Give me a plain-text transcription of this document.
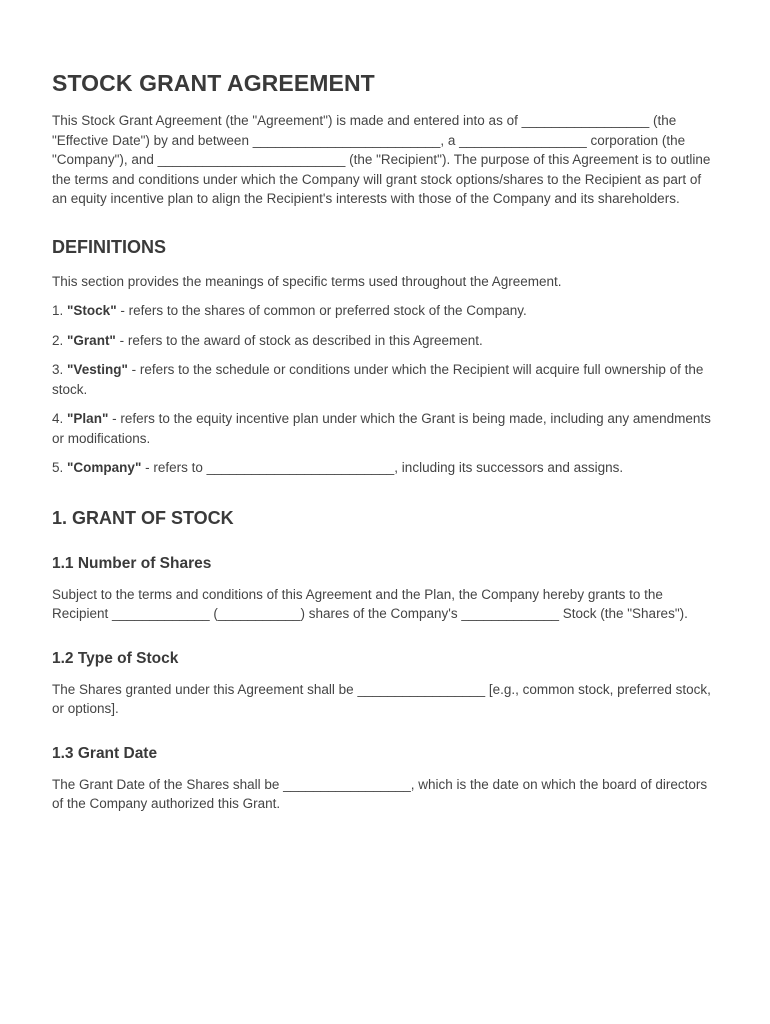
STOCK GRANT AGREEMENT

This Stock Grant Agreement (the "Agreement") is made and entered into as of _________________ (the "Effective Date") by and between _________________________, a _________________ corporation (the "Company"), and _________________________ (the "Recipient"). The purpose of this Agreement is to outline the terms and conditions under which the Company will grant stock options/shares to the Recipient as part of an equity incentive plan to align the Recipient's interests with those of the Company and its shareholders.

DEFINITIONS

This section provides the meanings of specific terms used throughout the Agreement.

1. "Stock" - refers to the shares of common or preferred stock of the Company.

2. "Grant" - refers to the award of stock as described in this Agreement.

3. "Vesting" - refers to the schedule or conditions under which the Recipient will acquire full ownership of the stock.

4. "Plan" - refers to the equity incentive plan under which the Grant is being made, including any amendments or modifications.

5. "Company" - refers to _________________________, including its successors and assigns.

1. GRANT OF STOCK
1.1 Number of Shares

Subject to the terms and conditions of this Agreement and the Plan, the Company hereby grants to the Recipient _____________ (___________) shares of the Company's _____________ Stock (the "Shares").

1.2 Type of Stock

The Shares granted under this Agreement shall be _________________ [e.g., common stock, preferred stock, or options].

1.3 Grant Date

The Grant Date of the Shares shall be _________________, which is the date on which the board of directors of the Company authorized this Grant.
